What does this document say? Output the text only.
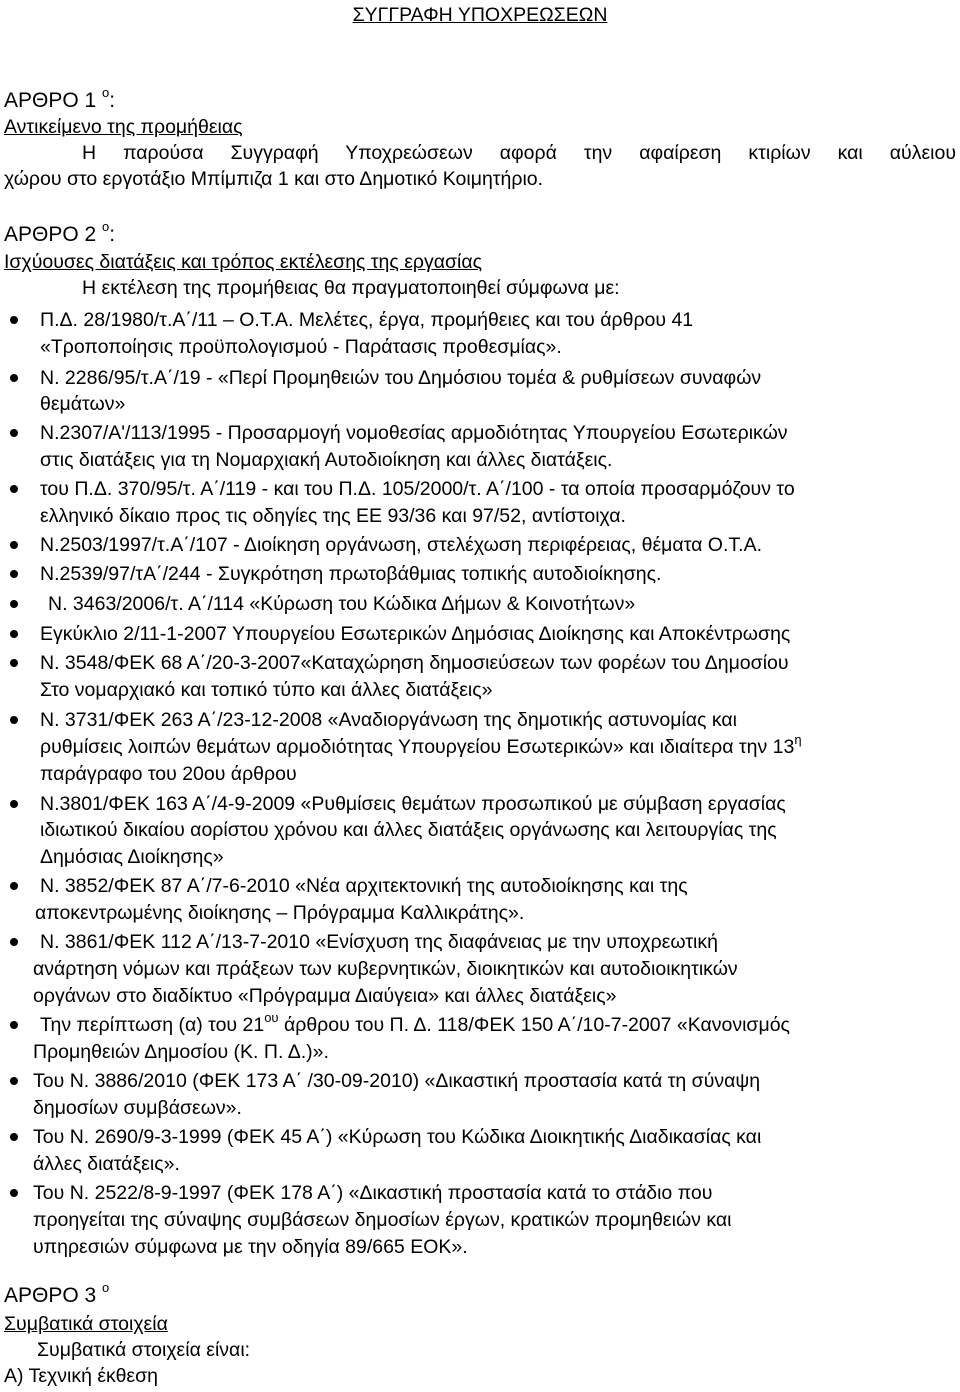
ΣΥΓΓΡΑΦΗ ΥΠΟΧΡΕΩΣΕΩΝ
ΑΡΘΡΟ 1 $^o$:
Αντικείμενο της προμήθειας
Η παρούσα Συγγραφή Υποχρεώσεων αφορά την αφαίρεση κτιρίων και αύλειου
χώρου στο εργοτάξιο Μπίμπιζα 1 και στο Δημοτικό Κοιμητήριο.
ΑΡΘΡΟ 2 $^o$:
Ισχύουσες διατάξεις και τρόπος εκτέλεσης της εργασίας
Η εκτέλεση της προμήθειας θα πραγματοποιηθεί σύμφωνα με:
Π.Δ. 28/1980/τ.Α΄/11 – Ο.Τ.Α. Μελέτες, έργα, προμήθειες και του άρθρου 41
«Τροποποίησις προϋπολογισμού - Παράτασις προθεσμίας».
Ν. 2286/95/τ.Α΄/19 - «Περί Προμηθειών του Δημόσιου τομέα & ρυθμίσεων συναφών
θεμάτων»
Ν.2307/Α'/113/1995 - Προσαρμογή νομοθεσίας αρμοδιότητας Υπουργείου Εσωτερικών
στις διατάξεις για τη Νομαρχιακή Αυτοδιοίκηση και άλλες διατάξεις.
του Π.Δ. 370/95/τ. Α΄/119 - και του Π.Δ. 105/2000/τ. Α΄/100 - τα οποία προσαρμόζουν το
ελληνικό δίκαιο προς τις οδηγίες της ΕΕ 93/36 και 97/52, αντίστοιχα.
Ν.2503/1997/τ.Α΄/107 - Διοίκηση οργάνωση, στελέχωση περιφέρειας, θέματα Ο.Τ.Α.
Ν.2539/97/τΑ΄/244 - Συγκρότηση πρωτοβάθμιας τοπικής αυτοδιοίκησης.
Ν. 3463/2006/τ. Α΄/114 «Κύρωση του Κώδικα Δήμων & Κοινοτήτων»
Εγκύκλιο 2/11-1-2007 Υπουργείου Εσωτερικών Δημόσιας Διοίκησης και Αποκέντρωσης
Ν. 3548/ΦΕΚ 68 Α΄/20-3-2007«Καταχώρηση δημοσιεύσεων των φορέων του Δημοσίου
Στο νομαρχιακό και τοπικό τύπο και άλλες διατάξεις»
Ν. 3731/ΦΕΚ 263 Α΄/23-12-2008 «Αναδιοργάνωση της δημοτικής αστυνομίας και
ρυθμίσεις λοιπών θεμάτων αρμοδιότητας Υπουργείου Εσωτερικών» και ιδιαίτερα την $13^\eta$
παράγραφο του 20ου άρθρου
Ν.3801/ΦΕΚ 163 Α΄/4-9-2009 «Ρυθμίσεις θεμάτων προσωπικού με σύμβαση εργασίας
ιδιωτικού δικαίου αορίστου χρόνου και άλλες διατάξεις οργάνωσης και λειτουργίας της
Δημόσιας Διοίκησης»
Ν. 3852/ΦΕΚ 87 Α΄/7-6-2010 «Νέα αρχιτεκτονική της αυτοδιοίκησης και της
αποκεντρωμένης διοίκησης – Πρόγραμμα Καλλικράτης».
Ν. 3861/ΦΕΚ 112 Α΄/13-7-2010 «Ενίσχυση της διαφάνειας με την υποχρεωτική
ανάρτηση νόμων και πράξεων των κυβερνητικών, διοικητικών και αυτοδιοικητικών
οργάνων στο διαδίκτυο «Πρόγραμμα Διαύγεια» και άλλες διατάξεις»
Την περίπτωση (α) του $21^{o\upsilon}$ άρθρου του Π. Δ. 118/ΦΕΚ 150 Α΄/10-7-2007 «Κανονισμός
Προμηθειών Δημοσίου (Κ. Π. Δ.)».
Του Ν. 3886/2010 (ΦΕΚ 173 Α΄ /30-09-2010) «Δικαστική προστασία κατά τη σύναψη
δημοσίων συμβάσεων».
Του Ν. 2690/9-3-1999 (ΦΕΚ 45 Α΄) «Κύρωση του Κώδικα Διοικητικής Διαδικασίας και
άλλες διατάξεις».
Του Ν. 2522/8-9-1997 (ΦΕΚ 178 Α΄) «Δικαστική προστασία κατά το στάδιο που
προηγείται της σύναψης συμβάσεων δημοσίων έργων, κρατικών προμηθειών και
υπηρεσιών σύμφωνα με την οδηγία 89/665 ΕΟΚ».
ΑΡΘΡΟ 3 $^o$
Συμβατικά στοιχεία
Συμβατικά στοιχεία είναι:
Α) Τεχνική έκθεση
